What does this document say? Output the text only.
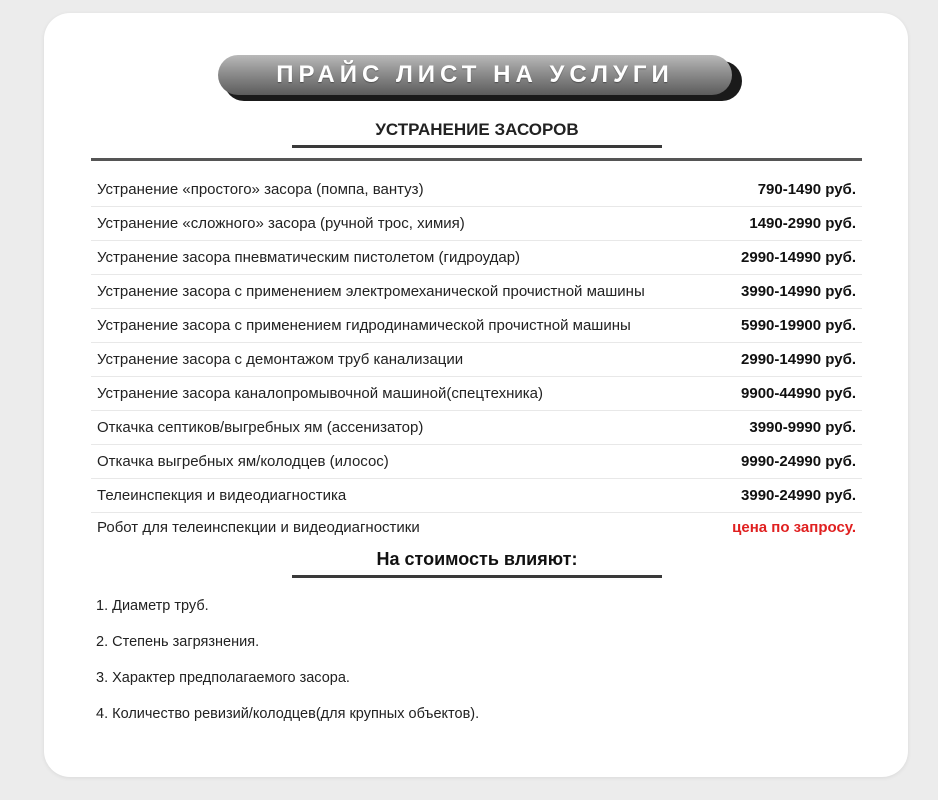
ПРАЙС ЛИСТ НА УСЛУГИ
УСТРАНЕНИЕ ЗАСОРОВ
Устранение «простого» засора (помпа, вантуз)	790-1490 руб.
Устранение «сложного» засора (ручной трос, химия)	1490-2990 руб.
Устранение засора пневматическим пистолетом (гидроудар)	2990-14990 руб.
Устранение засора с применением электромеханической прочистной машины	3990-14990 руб.
Устранение засора с применением гидродинамической прочистной машины	5990-19900 руб.
Устранение засора с демонтажом труб канализации	2990-14990 руб.
Устранение засора каналопромывочной машиной(спецтехника)	9900-44990 руб.
Откачка септиков/выгребных ям (ассенизатор)	3990-9990 руб.
Откачка выгребных ям/колодцев (илосос)	9990-24990 руб.
Телеинспекция и видеодиагностика	3990-24990 руб.
Робот для телеинспекции и видеодиагностики	цена по запросу.
На стоимость влияют:
1. Диаметр труб.
2. Степень загрязнения.
3. Характер предполагаемого засора.
4. Количество ревизий/колодцев(для крупных объектов).
